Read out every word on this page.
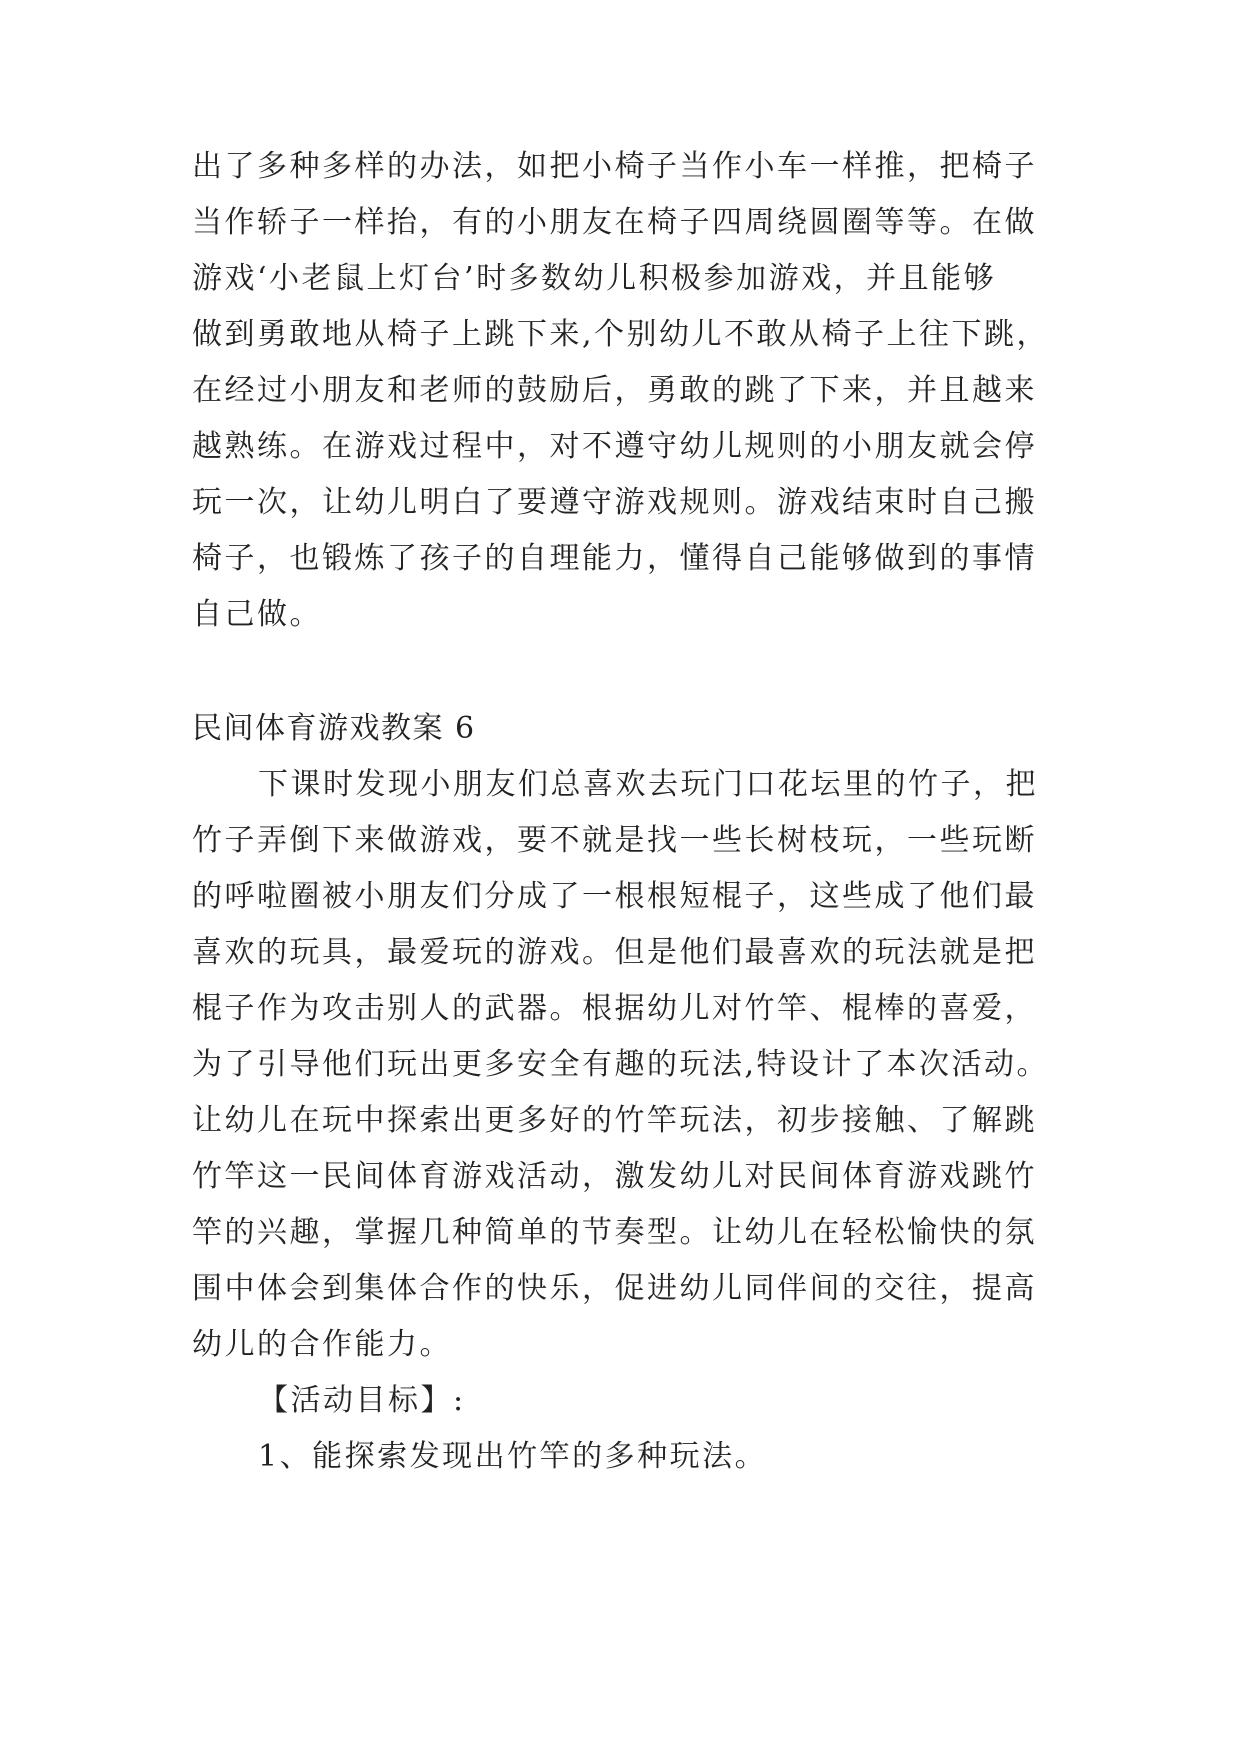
出了多种多样的办法，如把小椅子当作小车一样推，把椅子
当作轿子一样抬，有的小朋友在椅子四周绕圆圈等等。在做
游戏‘小老鼠上灯台’时多数幼儿积极参加游戏，并且能够
做到勇敢地从椅子上跳下来,个别幼儿不敢从椅子上往下跳，
在经过小朋友和老师的鼓励后，勇敢的跳了下来，并且越来
越熟练。在游戏过程中，对不遵守幼儿规则的小朋友就会停
玩一次，让幼儿明白了要遵守游戏规则。游戏结束时自己搬
椅子，也锻炼了孩子的自理能力，懂得自己能够做到的事情
自己做。
民间体育游戏教案 6
下课时发现小朋友们总喜欢去玩门口花坛里的竹子，把
竹子弄倒下来做游戏，要不就是找一些长树枝玩，一些玩断
的呼啦圈被小朋友们分成了一根根短棍子，这些成了他们最
喜欢的玩具，最爱玩的游戏。但是他们最喜欢的玩法就是把
棍子作为攻击别人的武器。根据幼儿对竹竿、棍棒的喜爱，
为了引导他们玩出更多安全有趣的玩法,特设计了本次活动。
让幼儿在玩中探索出更多好的竹竿玩法，初步接触、了解跳
竹竿这一民间体育游戏活动，激发幼儿对民间体育游戏跳竹
竿的兴趣，掌握几种简单的节奏型。让幼儿在轻松愉快的氛
围中体会到集体合作的快乐，促进幼儿同伴间的交往，提高
幼儿的合作能力。
【活动目标】:
1、能探索发现出竹竿的多种玩法。
